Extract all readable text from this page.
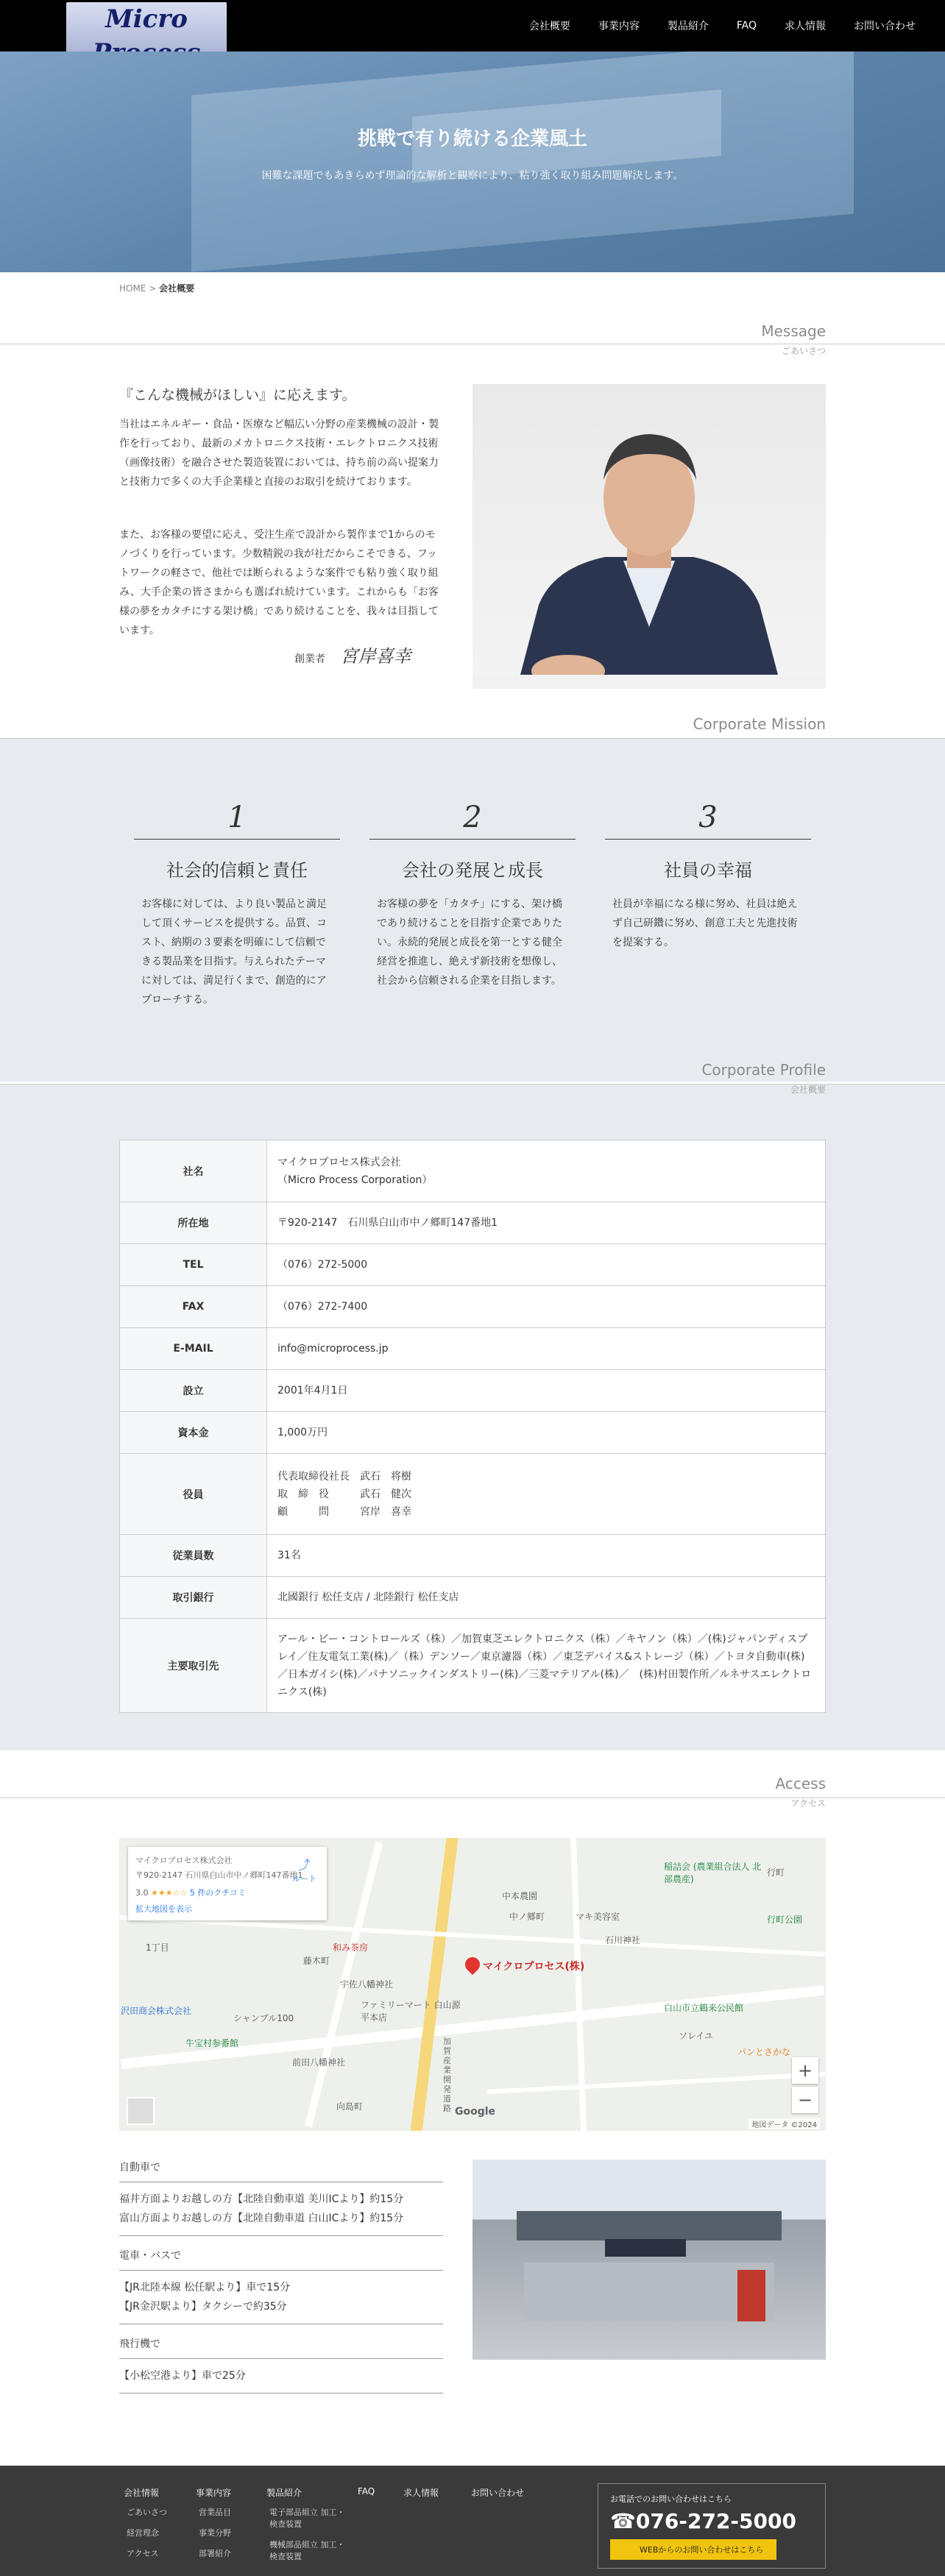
Micro	会社概要	事業内容	製品紹介	FAQ	求人情報	お問い合わせ
挑戦で有り続ける企業風土
困難な課題でもあきらめず理論的な解析と観察により、粘り強く取り組み問題解決します。
HOME > 会社概要
Message
ごあいさつ
『こんな機械がほしい』に応えます。
当社はエネルギー・食品・医療など幅広い分野の産業機械の設計・製作を行っており、最新のメカトロニクス技術・エレクトロニクス技術（画像技術）を融合させた製造装置においては、持ち前の高い提案力と技術力で多くの大手企業様と直接のお取引を続けております。
また、お客様の要望に応え、受注生産で設計から製作まで1からのモノづくりを行っています。少数精鋭の我が社だからこそできる、フットワークの軽さで、他社では断られるような案件でも粘り強く取り組み、大手企業の皆さまからも選ばれ続けています。これからも「お客様の夢をカタチにする架け橋」であり続けることを、我々は目指しています。
創業者 宮岸喜幸
Corporate Mission
1
社会的信頼と責任
お客様に対しては、より良い製品と満足して頂くサービスを提供する。品質、コスト、納期の３要素を明確にして信頼できる製品業を目指す。与えられたテーマに対しては、満足行くまで、創造的にアプローチする。
2
会社の発展と成長
お客様の夢を「カタチ」にする、架け橋であり続けることを目指す企業でありたい。永続的発展と成長を第一とする健全経営を推進し、絶えず新技術を想像し、社会から信頼される企業を目指します。
3
社員の幸福
社員が幸福になる様に努め、社員は絶えず自己研鑽に努め、創意工夫と先進技術を提案する。
社名	マイクロプロセス株式会社
（Micro Process Corporation）
所在地	〒920-2147　石川県白山市中ノ郷町147番地1
TEL	（076）272-5000
FAX	（076）272-7400
E-MAIL	info@microprocess.jp
設立	2001年4月1日
資本金	1,000万円
役員	代表取締役社長　武石　将樹
取　締　役　　　武石　健次
顧　　　問　　　宮岸　喜幸
従業員数	31名
取引銀行	北國銀行 松任支店 / 北陸銀行 松任支店
主要取引先	アール・ビー・コントロールズ（株）／加賀東芝エレクトロニクス（株）／キヤノン（株）／(株)ジャパンディスプレイ／住友電気工業(株)／（株）デンソー／東京濾器（株）／東芝デバイス&ストレージ（株）／トヨタ自動車(株)／日本ガイシ(株)／パナソニックインダストリー(株)／三菱マテリアル(株)／　(株)村田製作所／ルネサスエレクトロニクス(株)
Corporate Profile
会社概要
Access
アクセス
マイクロプロセス株式会社
〒920-2147 石川県白山市中ノ郷町147番地1
3.0 ★★★☆☆ 5 件のクチコミ
拡大地図を表示
⤴
ルート
マイクロプロセス(株)
中本農園
中ノ郷町	マキ美容室
石川神社
稲詰会 (農業組合法人 北部農産)
行町
行町公園
和み茶房
藤木町
宇佐八幡神社
ファミリーマート 白山源平本店
白山市立鶴来公民館
ソレイユ
パンとさかな
シャンブル100
牛宝村参番館
前田八幡神社
向島町
沢田商会株式会社
加賀産業開発道路
1丁目
+
−
Google
地図データ ©2024
自動車で
福井方面よりお越しの方【北陸自動車道 美川ICより】約15分
富山方面よりお越しの方【北陸自動車道 白山ICより】約15分
電車・バスで
【JR北陸本線 松任駅より】車で15分
【JR金沢駅より】タクシーで約35分
飛行機で
【小松空港より】車で25分
会社情報
ごあいさつ
経営理念
アクセス
事業内容
営業品目
事業分野
部署紹介
製品紹介
電子部品組立 加工・検査装置
機械部品組立 加工・検査装置
FAQ	求人情報	お問い合わせ
お電話でのお問い合わせはこちら
☎076-272-5000
WEBからのお問い合わせはこちら
